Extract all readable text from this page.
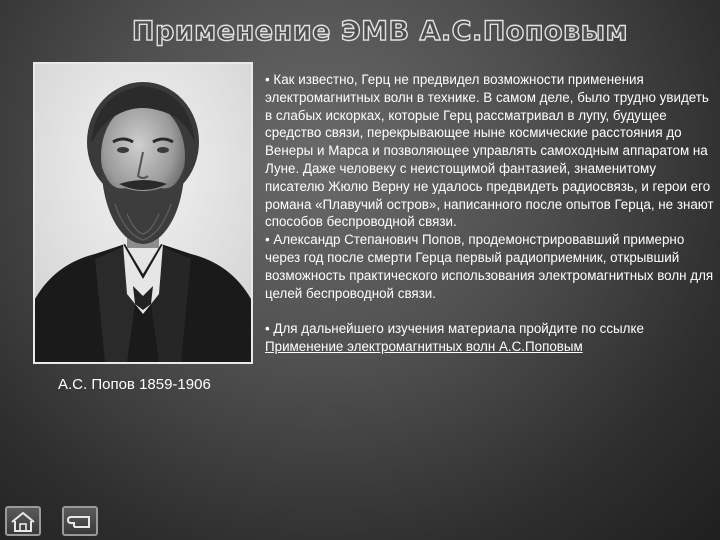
Применение ЭМВ А.С.Поповым
А.С. Попов 1859-1906

• Как известно, Герц не предвидел возможности применения электромагнитных волн в технике. В самом деле, было трудно увидеть в слабых искорках, которые Герц рассматривал в лупу, будущее средство связи, перекрывающее ныне космические расстояния до Венеры и Марса и позволяющее управлять самоходным аппаратом на Луне. Даже человеку с неистощимой фантазией, знаменитому писателю Жюлю Верну не удалось предвидеть радиосвязь, и герои его романа «Плавучий остров», написанного после опытов Герца, не знают способов беспроводной связи.

• Александр Степанович Попов, продемонстрировавший примерно через год после смерти Герца первый радиоприемник, открывший возможность практического использования электромагнитных волн для целей беспроводной связи.

• Для дальнейшего изучения материала пройдите по ссылке Применение электромагнитных волн А.С.Поповым
